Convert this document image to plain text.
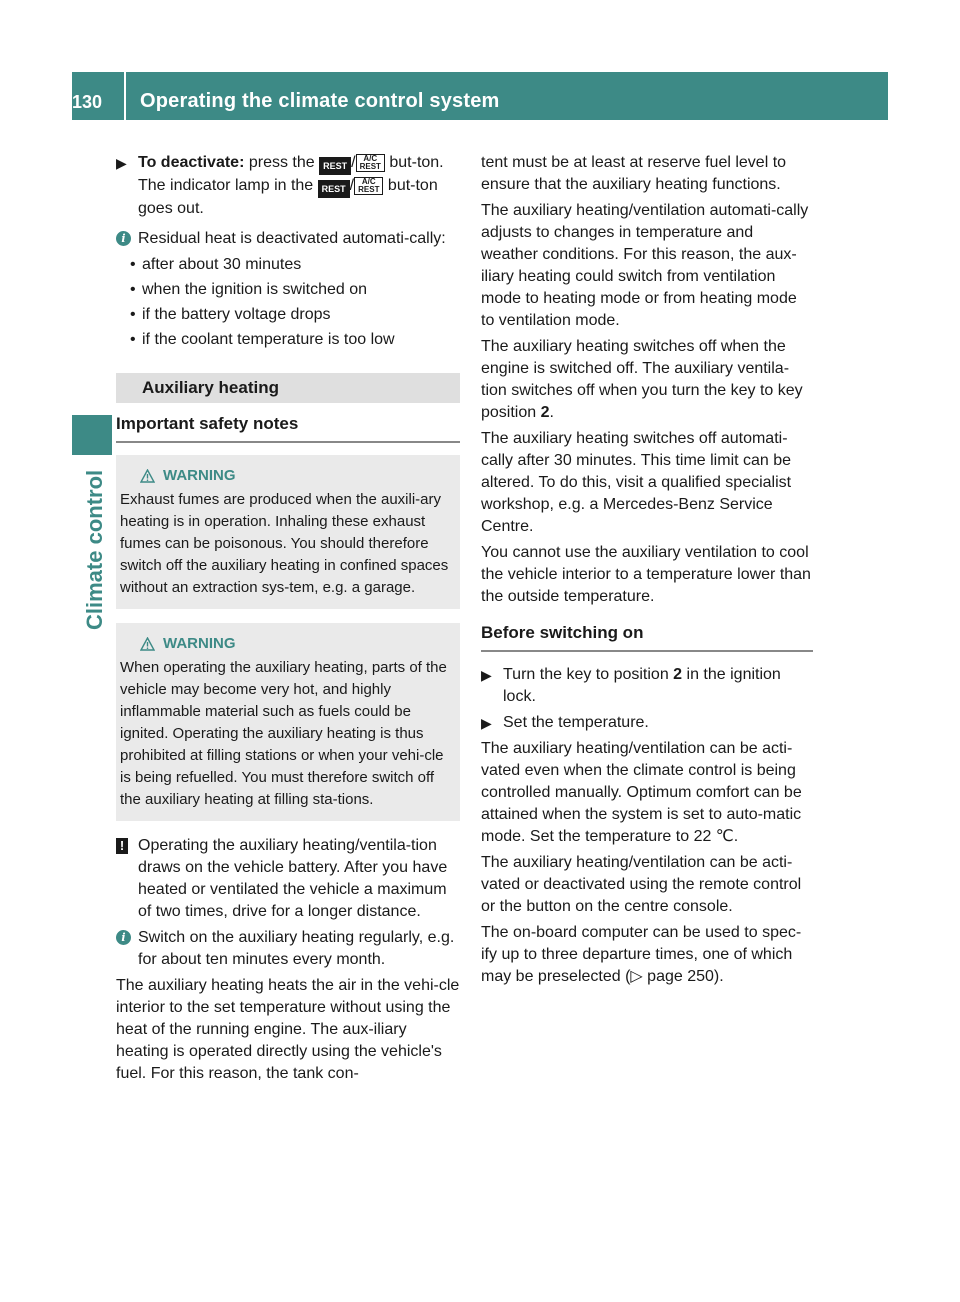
130 Operating the climate control system
Climate control
▶ To deactivate: press the REST / A/C
REST but-ton.
The indicator lamp in the REST / A/C
REST but-ton goes out.
i Residual heat is deactivated automati-cally:
• after about 30 minutes
• when the ignition is switched on
• if the battery voltage drops
• if the coolant temperature is too low
Auxiliary heating
Important safety notes
WARNING
Exhaust fumes are produced when the auxili-ary heating is in operation. Inhaling these exhaust fumes can be poisonous. You should therefore switch off the auxiliary heating in confined spaces without an extraction sys-tem, e.g. a garage.
WARNING
When operating the auxiliary heating, parts of the vehicle may become very hot, and highly inflammable material such as fuels could be ignited. Operating the auxiliary heating is thus prohibited at filling stations or when your vehi-cle is being refuelled. You must therefore switch off the auxiliary heating at filling sta-tions.
! Operating the auxiliary heating/ventila-tion draws on the vehicle battery. After you have heated or ventilated the vehicle a maximum of two times, drive for a longer distance.
i Switch on the auxiliary heating regularly, e.g. for about ten minutes every month.

The auxiliary heating heats the air in the vehi-cle interior to the set temperature without using the heat of the running engine. The aux-iliary heating is operated directly using the vehicle's fuel. For this reason, the tank con-

tent must be at least at reserve fuel level to ensure that the auxiliary heating functions.

The auxiliary heating/ventilation automati-cally adjusts to changes in temperature and weather conditions. For this reason, the aux-iliary heating could switch from ventilation mode to heating mode or from heating mode to ventilation mode.

The auxiliary heating switches off when the engine is switched off. The auxiliary ventila-tion switches off when you turn the key to key position 2.

The auxiliary heating switches off automati-cally after 30 minutes. This time limit can be altered. To do this, visit a qualified specialist workshop, e.g. a Mercedes-Benz Service Centre.

You cannot use the auxiliary ventilation to cool the vehicle interior to a temperature lower than the outside temperature.

Before switching on
▶ Turn the key to position 2 in the ignition lock.
▶ Set the temperature.

The auxiliary heating/ventilation can be acti-vated even when the climate control is being controlled manually. Optimum comfort can be attained when the system is set to auto-matic mode. Set the temperature to 22 ℃.

The auxiliary heating/ventilation can be acti-vated or deactivated using the remote control or the button on the centre console.

The on-board computer can be used to spec-ify up to three departure times, one of which may be preselected (▷ page 250).
